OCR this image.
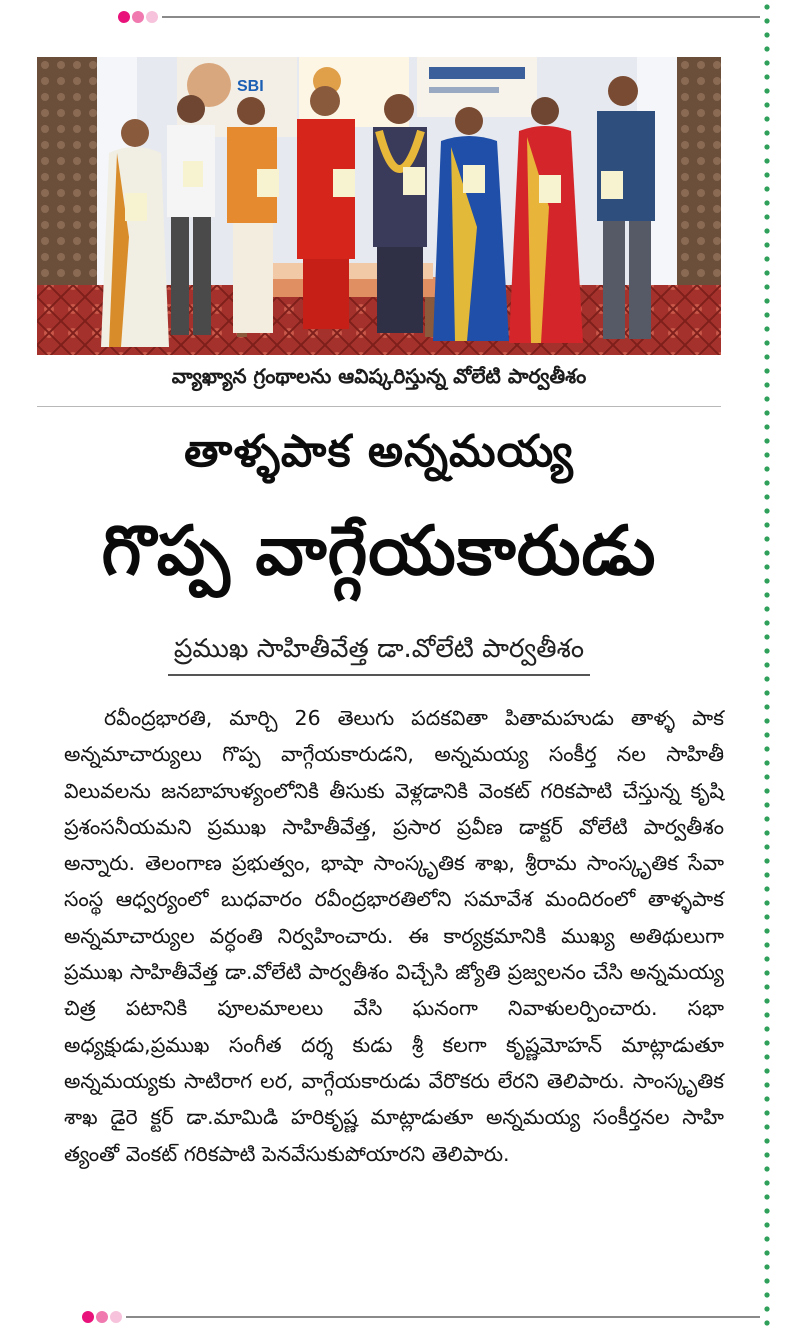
SBI
వ్యాఖ్యాన గ్రంథాలను ఆవిష్కరిస్తున్న వోలేటి పార్వతీశం
తాళ్ళపాక అన్నమయ్య
గొప్ప వాగ్గేయకారుడు
ప్రముఖ సాహితీవేత్త డా.వోలేటి పార్వతీశం
రవీంద్రభారతి, మార్చి 26 తెలుగు పదకవితా పితామహుడు తాళ్ళ పాక అన్నమాచార్యులు గొప్ప వాగ్గేయకారుడని, అన్నమయ్య సంకీర్త నల సాహితీ విలువలను జనబాహుళ్యంలోనికి తీసుకు వెళ్లడానికి వెంకట్ గరికపాటి చేస్తున్న కృషి ప్రశంసనీయమని ప్రముఖ సాహితీవేత్త, ప్రసార ప్రవీణ డాక్టర్ వోలేటి పార్వతీశం అన్నారు. తెలంగాణ ప్రభుత్వం, భాషా సాంస్కృతిక శాఖ, శ్రీరామ సాంస్కృతిక సేవా సంస్థ ఆధ్వర్యంలో బుధవారం రవీంద్రభారతిలోని సమావేశ మందిరంలో తాళ్ళపాక అన్నమాచార్యుల వర్ధంతి నిర్వహించారు. ఈ కార్యక్రమానికి ముఖ్య అతిథులుగా ప్రముఖ సాహితీవేత్త డా.వోలేటి పార్వతీశం విచ్చేసి జ్యోతి ప్రజ్వలనం చేసి అన్నమయ్య చిత్ర పటానికి పూలమాలలు వేసి ఘనంగా నివాళులర్పించారు. సభా అధ్యక్షుడు,ప్రముఖ సంగీత దర్శ కుడు శ్రీ కలగా కృష్ణమోహన్ మాట్లాడుతూ అన్నమయ్యకు సాటిరాగ లర, వాగ్గేయకారుడు వేరొకరు లేరని తెలిపారు. సాంస్కృతిక శాఖ డైరె క్టర్ డా.మామిడి హరికృష్ణ మాట్లాడుతూ అన్నమయ్య సంకీర్తనల సాహి త్యంతో వెంకట్ గరికపాటి పెనవేసుకుపోయారని తెలిపారు.
